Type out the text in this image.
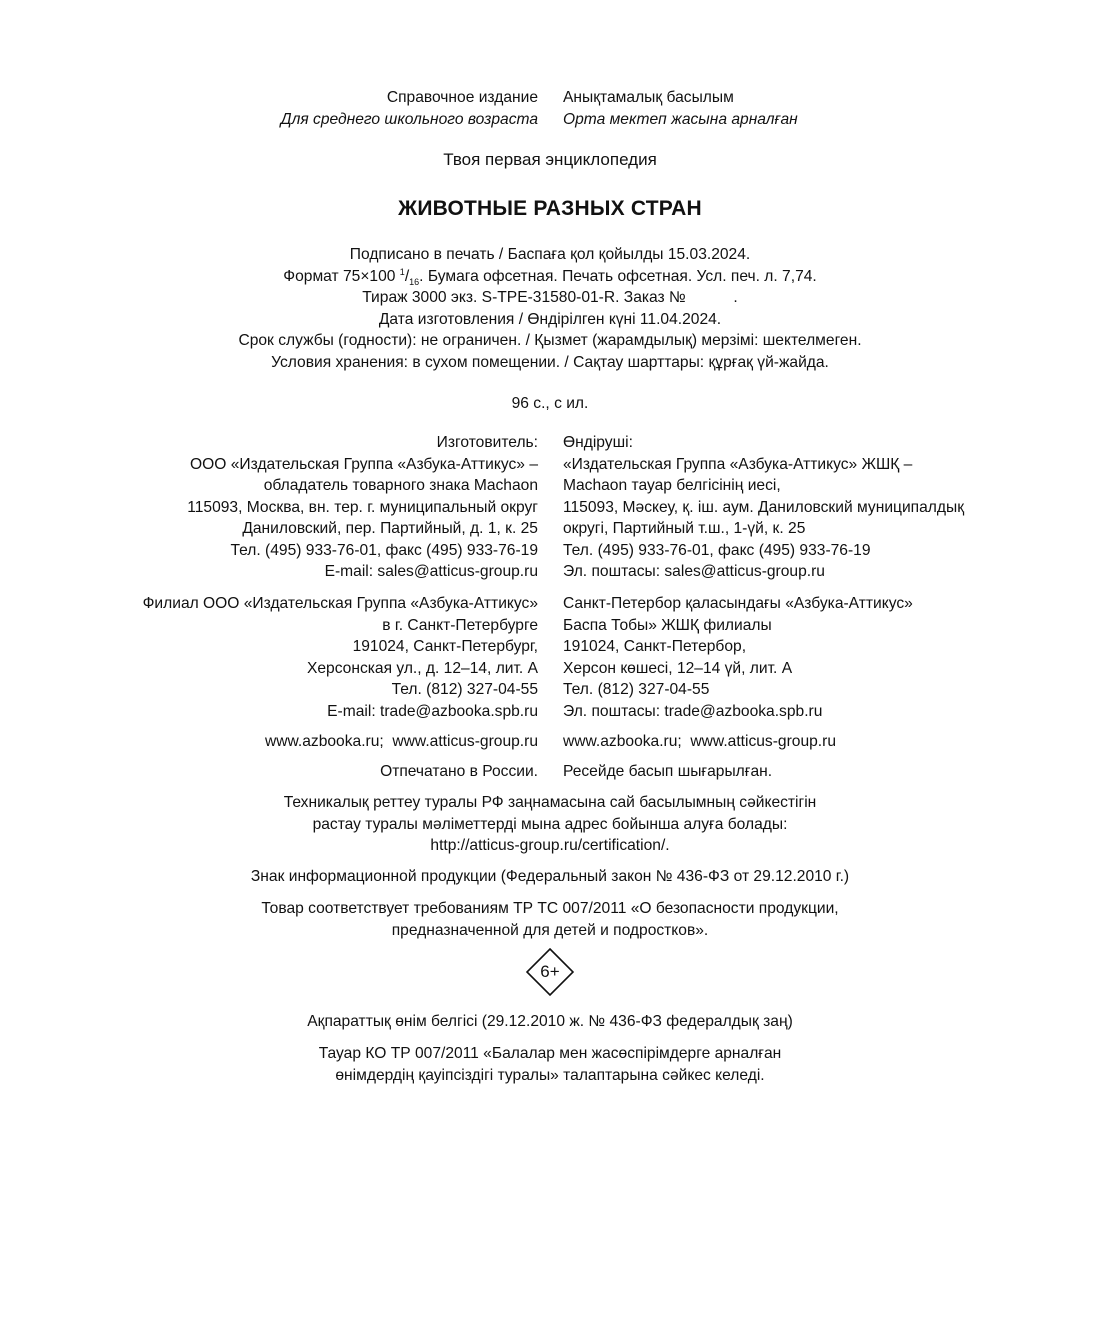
Справочное издание
Для среднего школьного возраста
Анықтамалық басылым
Орта мектеп жасына арналған
Твоя первая энциклопедия
ЖИВОТНЫЕ РАЗНЫХ СТРАН
Подписано в печать / Баспаға қол қойылды 15.03.2024.
Формат 75×100 $^1/_{16}$. Бумага офсетная. Печать офсетная. Усл. печ. л. 7,74.
Тираж 3000 экз. S-TPE-31580-01-R. Заказ №           .
Дата изготовления / Өндірілген күні 11.04.2024.
Срок службы (годности): не ограничен. / Қызмет (жарамдылық) мерзімі: шектелмеген.
Условия хранения: в сухом помещении. / Сақтау шарттары: құрғақ үй-жайда.
96 с., с ил.
Изготовитель:
ООО «Издательская Группа «Азбука-Аттикус» –
обладатель товарного знака Machaon
115093, Москва, вн. тер. г. муниципальный округ
Даниловский, пер. Партийный, д. 1, к. 25
Тел. (495) 933-76-01, факс (495) 933-76-19
E-mail: sales@atticus-group.ru
Өндіруші:
«Издательская Группа «Азбука-Аттикус» ЖШҚ –
Machaon тауар белгісінің иесі,
115093, Мәскеу, қ. іш. аум. Даниловский муниципалдық
округі, Партийный т.ш., 1-үй, к. 25
Тел. (495) 933-76-01, факс (495) 933-76-19
Эл. поштасы: sales@atticus-group.ru
Филиал ООО «Издательская Группа «Азбука-Аттикус»
в г. Санкт-Петербурге
191024, Санкт-Петербург,
Херсонская ул., д. 12–14, лит. А
Тел. (812) 327-04-55
E-mail: trade@azbooka.spb.ru
Санкт-Петербор қаласындағы «Азбука-Аттикус»
Баспа Тобы» ЖШҚ филиалы
191024, Санкт-Петербор,
Херсон көшесі, 12–14 үй, лит. А
Тел. (812) 327-04-55
Эл. поштасы: trade@azbooka.spb.ru
www.azbooka.ru;  www.atticus-group.ru www.azbooka.ru;  www.atticus-group.ru
Отпечатано в России. Ресейде басып шығарылған.
Техникалық реттеу туралы РФ заңнамасына сай басылымның сәйкестігін
растау туралы мәліметтерді мына адрес бойынша алуға болады:
http://atticus-group.ru/certification/.
Знак информационной продукции (Федеральный закон № 436-ФЗ от 29.12.2010 г.)
Товар соответствует требованиям ТР ТС 007/2011 «О безопасности продукции,
предназначенной для детей и подростков».
6+
Ақпараттық өнім белгісі (29.12.2010 ж. № 436-ФЗ федералдық заң)
Тауар КО ТР 007/2011 «Балалар мен жасөспірімдерге арналған
өнімдердің қауіпсіздігі туралы» талаптарына сәйкес келеді.
